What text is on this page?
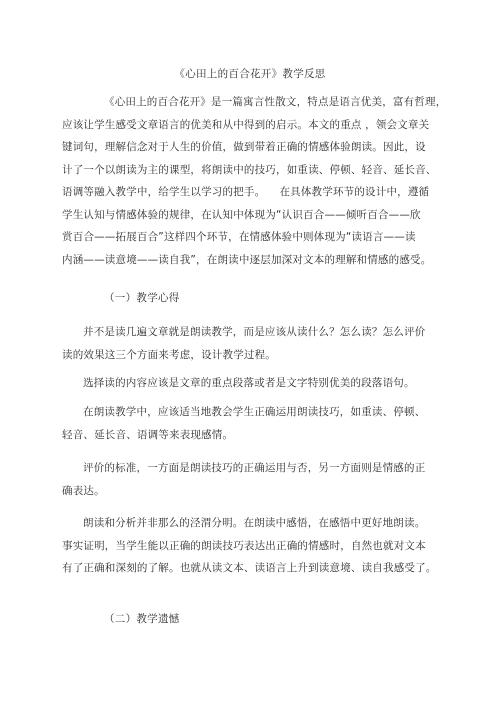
《心田上的百合花开》教学反思
《心田上的百合花开》是一篇寓言性散文，特点是语言优美，富有哲理，
应该让学生感受文章语言的优美和从中得到的启示。本文的重点 ，领会文章关
键词句，理解信念对于人生的价值，做到带着正确的情感体验朗读。因此，设
计了一个以朗读为主的课型，将朗读中的技巧，如重读、停顿、轻音、延长音、
语调等融入教学中，给学生以学习的把手。    在具体教学环节的设计中，遵循
学生认知与情感体验的规律，在认知中体现为“认识百合——倾听百合——欣
赏百合——拓展百合”这样四个环节，在情感体验中则体现为“读语言——读
内涵——读意境——读自我”，在朗读中逐层加深对文本的理解和情感的感受。
（一）教学心得
并不是读几遍文章就是朗读教学，而是应该从读什么？怎么读？怎么评价
读的效果这三个方面来考虑，设计教学过程。
选择读的内容应该是文章的重点段落或者是文字特别优美的段落语句。
在朗读教学中，应该适当地教会学生正确运用朗读技巧，如重读、停顿、
轻音、延长音、语调等来表现感情。
评价的标准，一方面是朗读技巧的正确运用与否，另一方面则是情感的正
确表达。
朗读和分析并非那么的泾渭分明。在朗读中感悟，在感悟中更好地朗读。
事实证明，当学生能以正确的朗读技巧表达出正确的情感时，自然也就对文本
有了正确和深刻的了解。也就从读文本、读语言上升到读意境、读自我感受了。
（二）教学遗憾
